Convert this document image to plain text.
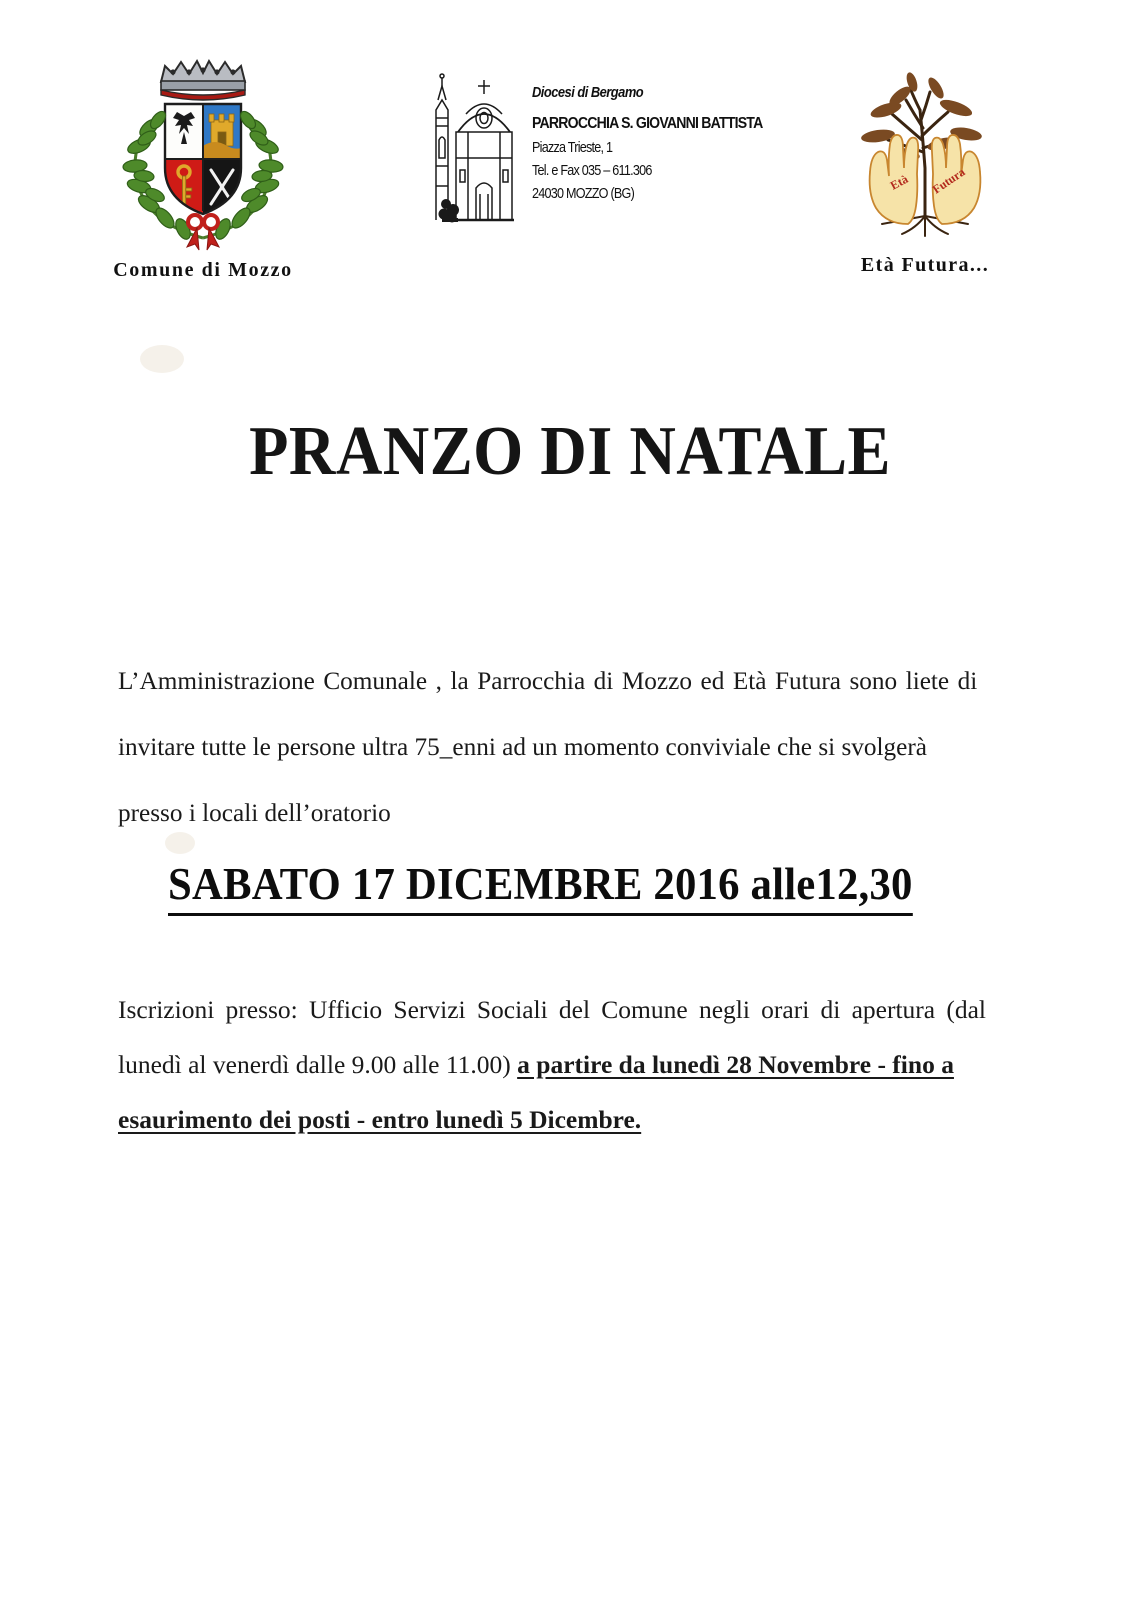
Comune di Mozzo
Diocesi di Bergamo
PARROCCHIA S. GIOVANNI BATTISTA
Piazza Trieste, 1
Tel. e Fax 035 – 611.306
24030 MOZZO (BG)
Età Futura
Età Futura...
PRANZO DI NATALE
L’Amministrazione Comunale , la Parrocchia di Mozzo ed Età Futura sono liete di invitare tutte le persone ultra 75_enni ad un momento conviviale che si svolgerà
presso i locali dell’oratorio
SABATO 17 DICEMBRE 2016 alle12,30
Iscrizioni presso: Ufficio Servizi Sociali del Comune negli orari di apertura (dal lunedì al venerdì dalle 9.00 alle 11.00) a partire da lunedì 28 Novembre - fino a
esaurimento dei posti - entro lunedì 5 Dicembre.
